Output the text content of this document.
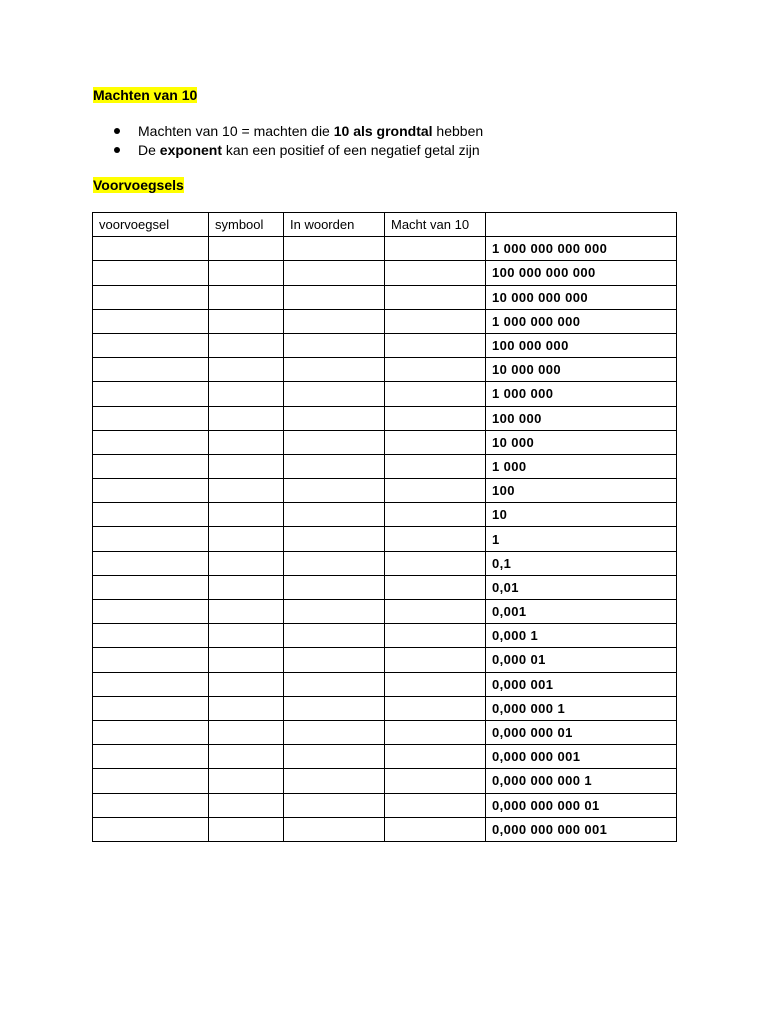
Machten van 10
Machten van 10 = machten die 10 als grondtal hebben
De exponent kan een positief of een negatief getal zijn
Voorvoegsels
voorvoegsel	symbool	In woorden	Macht van 10	
				1 000 000 000 000
				100 000 000 000
				10 000 000 000
				1 000 000 000
				100 000 000
				10 000 000
				1 000 000
				100 000
				10 000
				1 000
				100
				10
				1
				0,1
				0,01
				0,001
				0,000 1
				0,000 01
				0,000 001
				0,000 000 1
				0,000 000 01
				0,000 000 001
				0,000 000 000 1
				0,000 000 000 01
				0,000 000 000 001
